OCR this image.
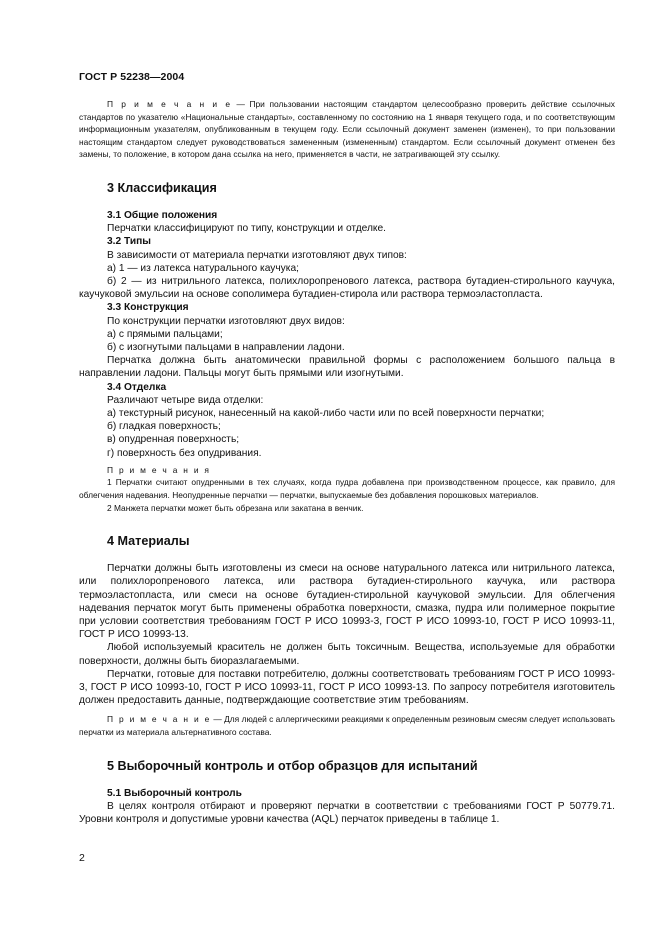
ГОСТ Р 52238—2004

П р и м е ч а н и е — При пользовании настоящим стандартом целесообразно проверить действие ссылочных стандартов по указателю «Национальные стандарты», составленному по состоянию на 1 января текущего года, и по соответствующим информационным указателям, опубликованным в текущем году. Если ссылочный документ заменен (изменен), то при пользовании настоящим стандартом следует руководствоваться замененным (измененным) стандартом. Если ссылочный документ отменен без замены, то положение, в котором дана ссылка на него, применяется в части, не затрагивающей эту ссылку.

3 Классификация
3.1 Общие положения

Перчатки классифицируют по типу, конструкции и отделке.

3.2 Типы

В зависимости от материала перчатки изготовляют двух типов:

а) 1 — из латекса натурального каучука;

б) 2 — из нитрильного латекса, полихлоропренового латекса, раствора бутадиен-стирольного каучука, каучуковой эмульсии на основе сополимера бутадиен-стирола или раствора термоэластопласта.

3.3 Конструкция

По конструкции перчатки изготовляют двух видов:

а) с прямыми пальцами;

б) с изогнутыми пальцами в направлении ладони.

Перчатка должна быть анатомически правильной формы с расположением большого пальца в направлении ладони. Пальцы могут быть прямыми или изогнутыми.

3.4 Отделка

Различают четыре вида отделки:

а) текстурный рисунок, нанесенный на какой-либо части или по всей поверхности перчатки;

б) гладкая поверхность;

в) опудренная поверхность;

г) поверхность без опудривания.

П р и м е ч а н и я

1 Перчатки считают опудренными в тех случаях, когда пудра добавлена при производственном процессе, как правило, для облегчения надевания. Неопудренные перчатки — перчатки, выпускаемые без добавления порошковых материалов.

2 Манжета перчатки может быть обрезана или закатана в венчик.

4 Материалы

Перчатки должны быть изготовлены из смеси на основе натурального латекса или нитрильного латекса, или полихлоропренового латекса, или раствора бутадиен-стирольного каучука, или раствора термоэластопласта, или смеси на основе бутадиен-стирольной каучуковой эмульсии. Для облегчения надевания перчаток могут быть применены обработка поверхности, смазка, пудра или полимерное покрытие при условии соответствия требованиям ГОСТ Р ИСО 10993-3, ГОСТ Р ИСО 10993-10, ГОСТ Р ИСО 10993-11, ГОСТ Р ИСО 10993-13.

Любой используемый краситель не должен быть токсичным. Вещества, используемые для обработки поверхности, должны быть биоразлагаемыми.

Перчатки, готовые для поставки потребителю, должны соответствовать требованиям ГОСТ Р ИСО 10993-3, ГОСТ Р ИСО 10993-10, ГОСТ Р ИСО 10993-11, ГОСТ Р ИСО 10993-13. По запросу потребителя изготовитель должен предоставить данные, подтверждающие соответствие этим требованиям.

П р и м е ч а н и е — Для людей с аллергическими реакциями к определенным резиновым смесям следует использовать перчатки из материала альтернативного состава.

5 Выборочный контроль и отбор образцов для испытаний
5.1 Выборочный контроль

В целях контроля отбирают и проверяют перчатки в соответствии с требованиями ГОСТ Р 50779.71. Уровни контроля и допустимые уровни качества (AQL) перчаток приведены в таблице 1.

2
